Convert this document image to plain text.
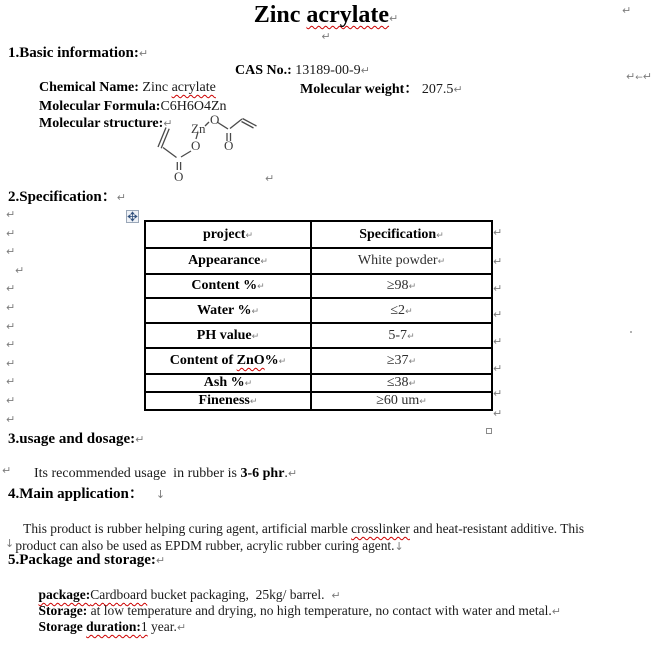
Zinc acrylate↵
↵
↵
1.Basic information:↵

↵←↵

Chemical Name: Zinc acrylate

CAS No.: 13189-00-9↵

Molecular Formula:C6H6O4Zn

Molecular weight： 207.5↵

Molecular structure:↵
Zn
O
O
O
O
↵
2.Specification：↵
↵
↵
↵
↵
↵
↵
↵
↵
↵
↵
↵
↵
project↵	Specification↵
Appearance↵	White powder↵
Content %↵	≥98↵
Water %↵	≤2↵
PH value↵	5-7↵
Content of ZnO%↵	≥37↵
Ash %↵	≤38↵
Fineness↵	≥60 um↵
↵
↵
↵
↵
↵
↵
↵
↵
3.usage and dosage:↵

Its recommended usage  in rubber is 3-6 phr.↵

↵
4.Main application： ↓

This product is rubber helping curing agent, artificial marble crosslinker and heat-resistant additive. This

product can also be used as EPDM rubber, acrylic rubber curing agent.↓

↓
5.Package and storage:↵

package:Cardboard bucket packaging,  25kg/ barrel.  ↵

Storage: at low temperature and drying, no high temperature, no contact with water and metal.↵

Storage duration:1 year.↵
